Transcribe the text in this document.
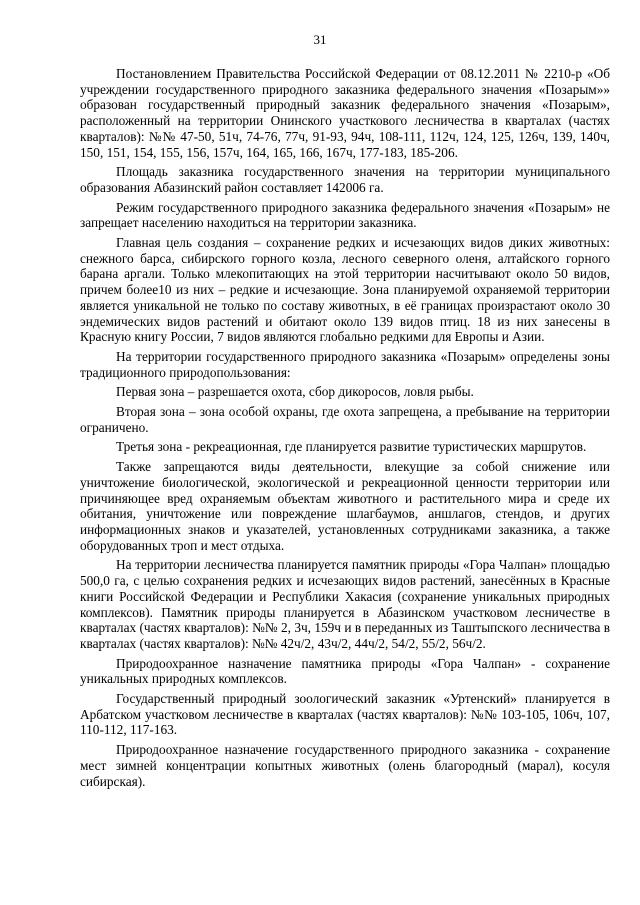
31

Постановлением Правительства Российской Федерации от 08.12.2011 № 2210-р «Об учреждении государственного природного заказника федерального значения «Позарым»» образован государственный природный заказник федерального значения «Позарым», расположенный на территории Онинского участкового лесничества в кварталах (частях кварталов): №№ 47-50, 51ч, 74-76, 77ч, 91-93, 94ч, 108-111, 112ч, 124, 125, 126ч, 139, 140ч, 150, 151, 154, 155, 156, 157ч, 164, 165, 166, 167ч, 177-183, 185-206.

Площадь заказника государственного значения на территории муниципального образования Абазинский район составляет 142006 га.

Режим государственного природного заказника федерального значения «Позарым» не запрещает населению находиться на территории заказника.

Главная цель создания – сохранение редких и исчезающих видов диких животных: снежного барса, сибирского горного козла, лесного северного оленя, алтайского горного барана аргали. Только млекопитающих на этой территории насчитывают около 50 видов, причем более10 из них – редкие и исчезающие. Зона планируемой охраняемой территории является уникальной не только по составу животных, в её границах произрастают около 30 эндемических видов растений и обитают около 139 видов птиц. 18 из них занесены в Красную книгу России, 7 видов являются глобально редкими для Европы и Азии.

На территории государственного природного заказника «Позарым» определены зоны традиционного природопользования:

Первая зона – разрешается охота, сбор дикоросов, ловля рыбы.

Вторая зона – зона особой охраны, где охота запрещена, а пребывание на территории ограничено.

Третья зона - рекреационная, где планируется развитие туристических маршрутов.

Также запрещаются виды деятельности, влекущие за собой снижение или уничтожение биологической, экологической и рекреационной ценности территории или причиняющее вред охраняемым объектам животного и растительного мира и среде их обитания, уничтожение или повреждение шлагбаумов, аншлагов, стендов, и других информационных знаков и указателей, установленных сотрудниками заказника, а также оборудованных троп и мест отдыха.

На территории лесничества планируется памятник природы «Гора Чалпан» площадью 500,0 га, с целью сохранения редких и исчезающих видов растений, занесённых в Красные книги Российской Федерации и Республики Хакасия (сохранение уникальных природных комплексов). Памятник природы планируется в Абазинском участковом лесничестве в кварталах (частях кварталов): №№ 2, 3ч, 159ч и в переданных из Таштыпского лесничества в кварталах (частях кварталов): №№ 42ч/2, 43ч/2, 44ч/2, 54/2, 55/2, 56ч/2.

Природоохранное назначение памятника природы «Гора Чалпан» - сохранение уникальных природных комплексов.

Государственный природный зоологический заказник «Уртенский» планируется в Арбатском участковом лесничестве в кварталах (частях кварталов): №№ 103-105, 106ч, 107, 110-112, 117-163.

Природоохранное назначение государственного природного заказника - сохранение мест зимней концентрации копытных животных (олень благородный (марал), косуля сибирская).
